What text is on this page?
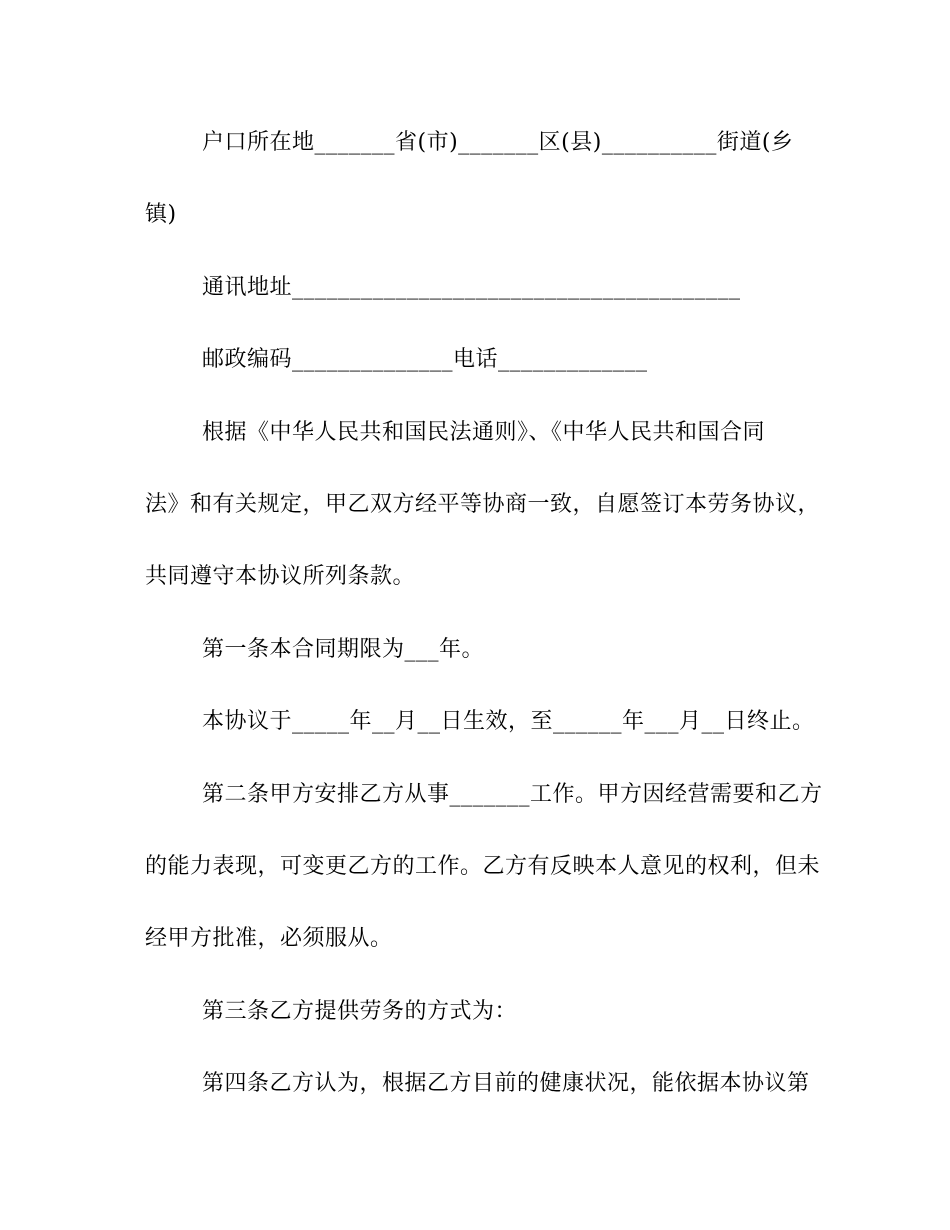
户口所在地_______省(市)_______区(县)__________街道(乡
镇)
通讯地址_______________________________________
邮政编码______________电话_____________
根据《中华人民共和国民法通则》、《中华人民共和国合同
法》和有关规定，甲乙双方经平等协商一致，自愿签订本劳务协议，
共同遵守本协议所列条款。
第一条本合同期限为___年。
本协议于_____年__月__日生效，至______年___月__日终止。
第二条甲方安排乙方从事_______工作。甲方因经营需要和乙方
的能力表现，可变更乙方的工作。乙方有反映本人意见的权利，但未
经甲方批准，必须服从。
第三条乙方提供劳务的方式为：
第四条乙方认为，根据乙方目前的健康状况，能依据本协议第
